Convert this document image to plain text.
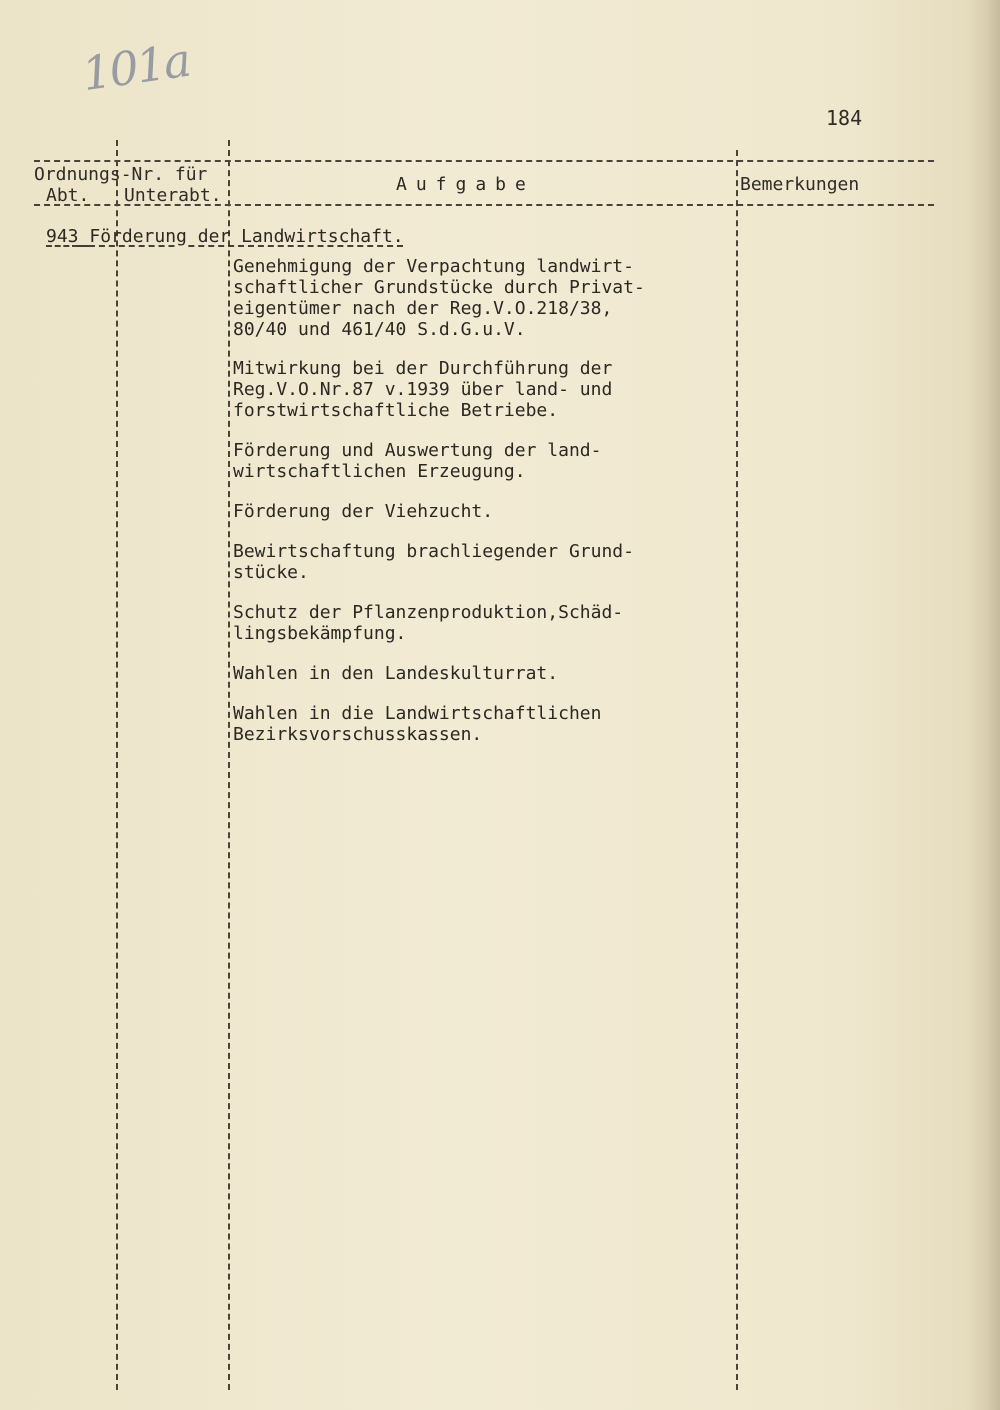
101a
184
Ordnungs-Nr. für
Abt. Unterabt.
Aufgabe	Bemerkungen
943 Förderung der Landwirtschaft.
Genehmigung der Verpachtung landwirt-
schaftlicher Grundstücke durch Privat-
eigentümer nach der Reg.V.O.218/38,
80/40 und 461/40 S.d.G.u.V.
Mitwirkung bei der Durchführung der
Reg.V.O.Nr.87 v.1939 über land- und
forstwirtschaftliche Betriebe.
Förderung und Auswertung der land-
wirtschaftlichen Erzeugung.
Förderung der Viehzucht.
Bewirtschaftung brachliegender Grund-
stücke.
Schutz der Pflanzenproduktion,Schäd-
lingsbekämpfung.
Wahlen in den Landeskulturrat.
Wahlen in die Landwirtschaftlichen
Bezirksvorschusskassen.
